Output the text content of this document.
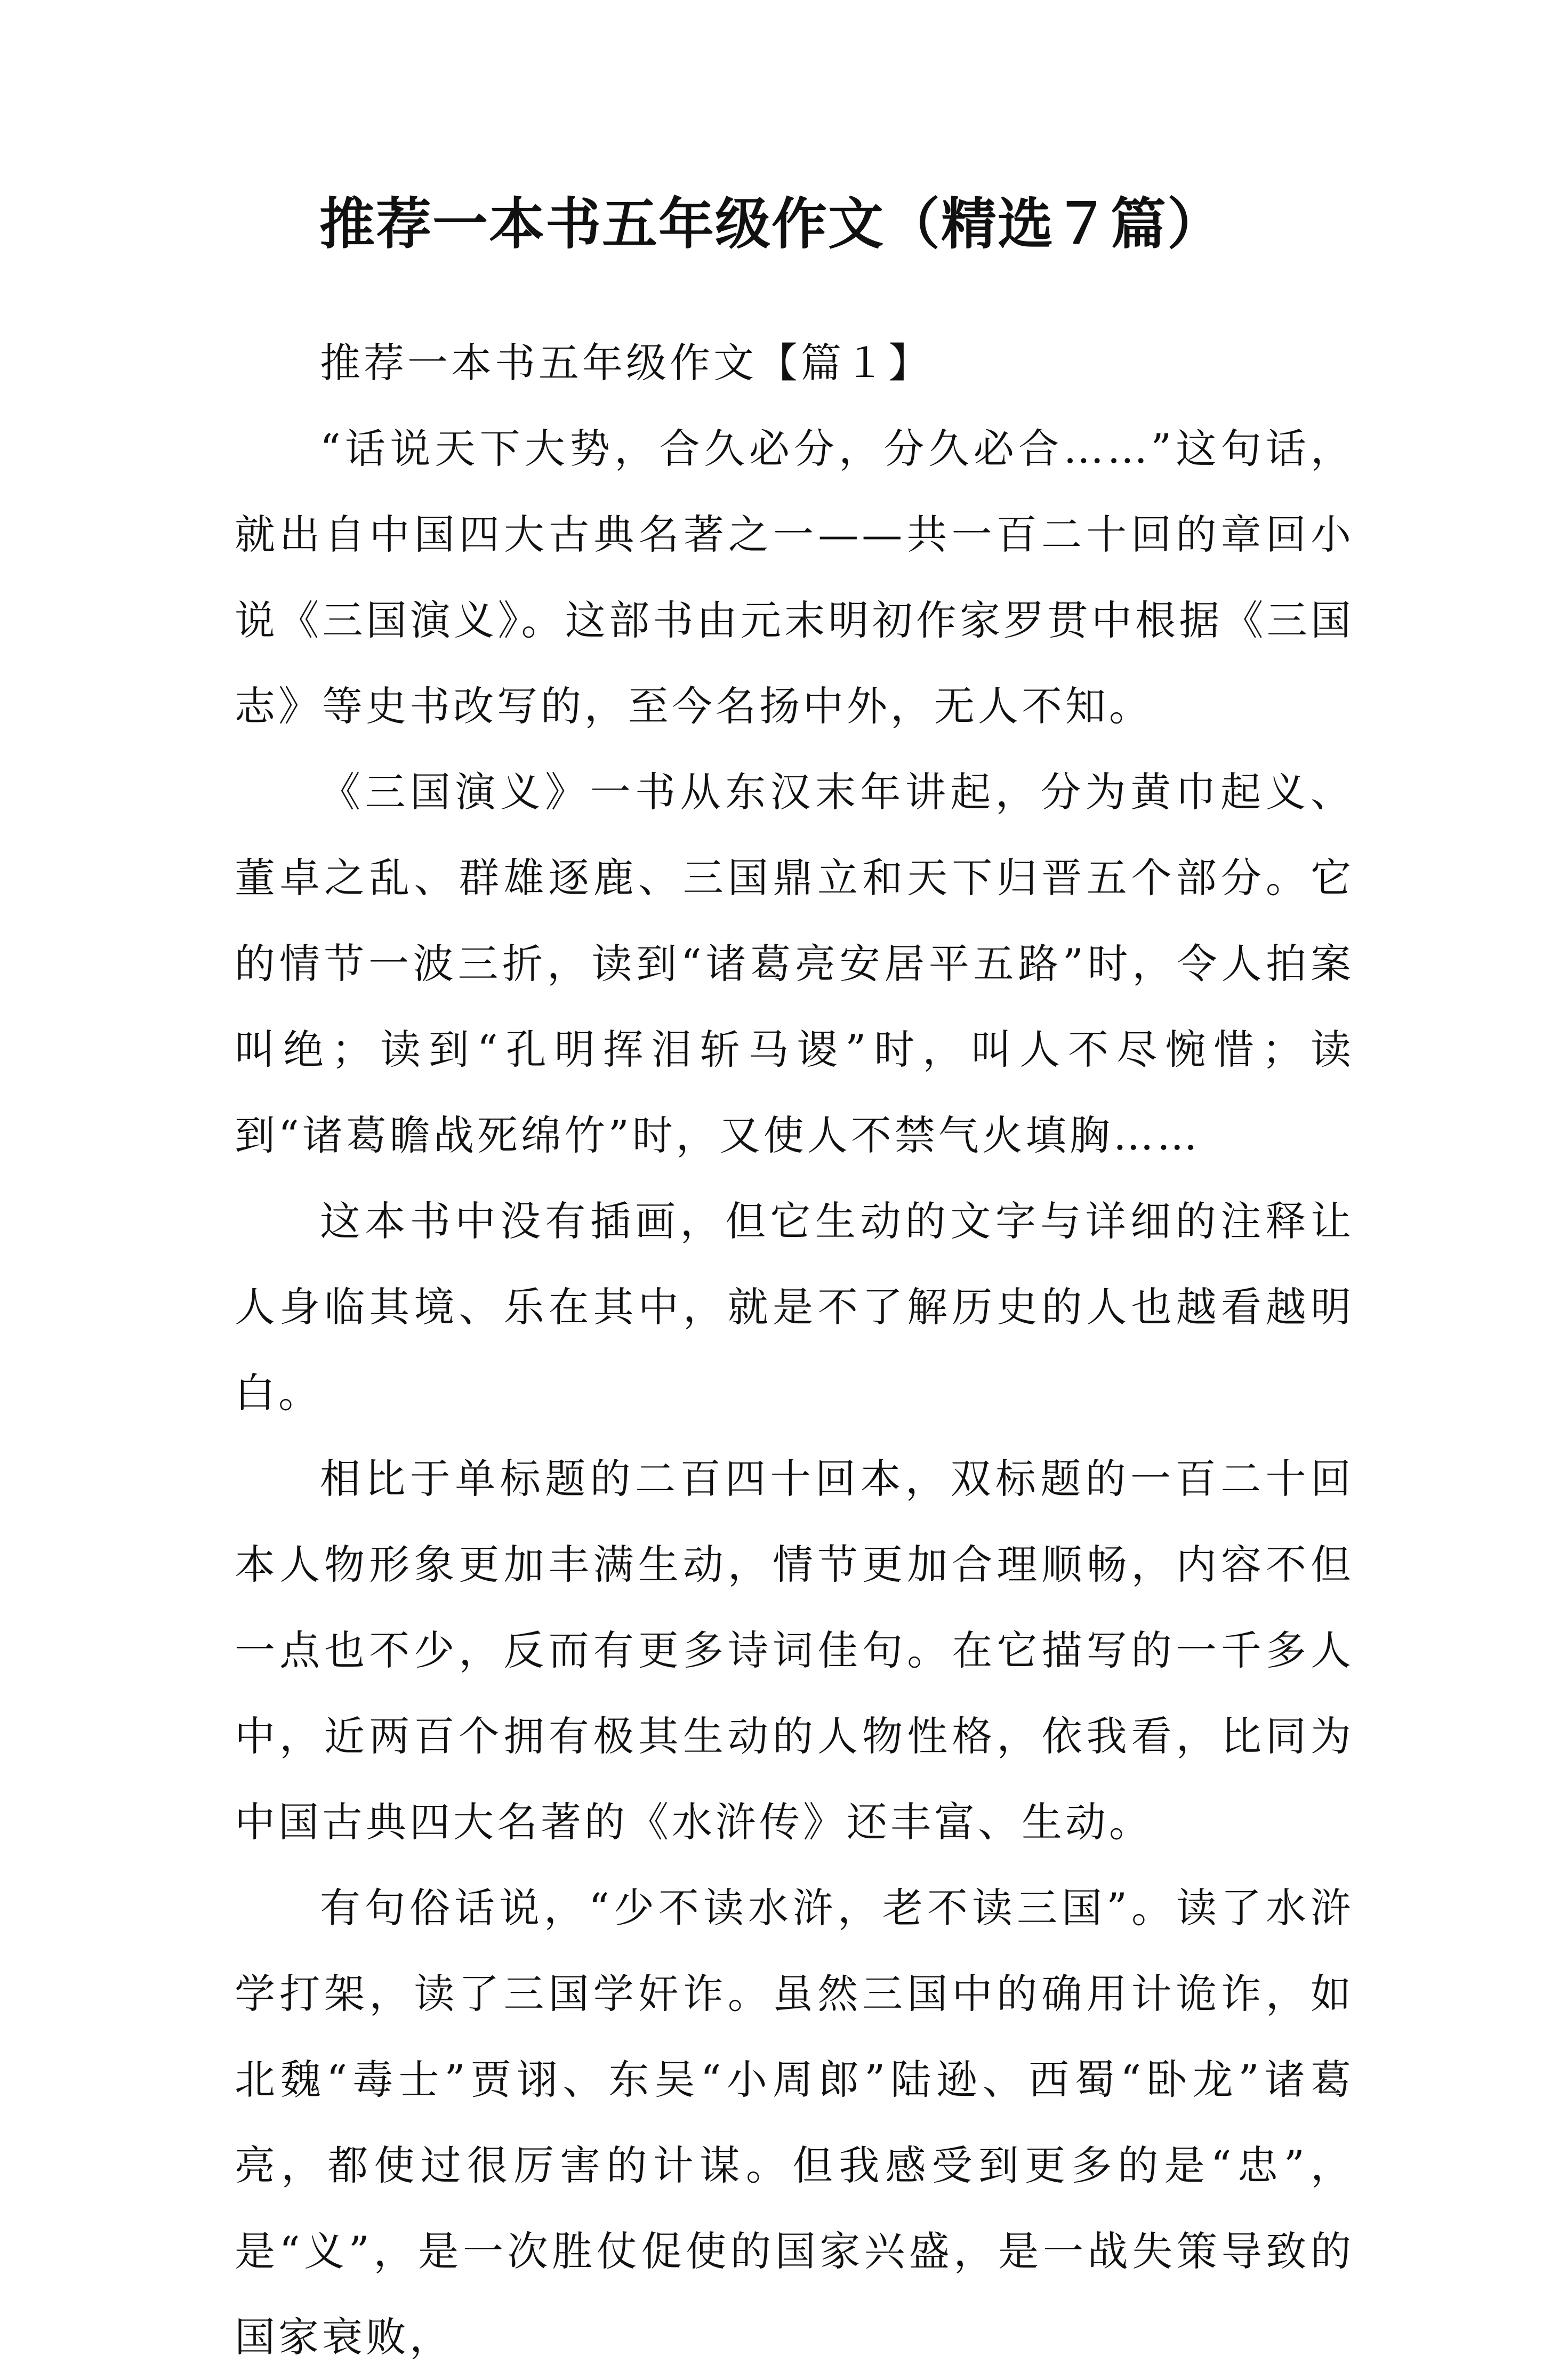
推荐一本书五年级作文（精选７篇）

推荐一本书五年级作文【篇１】

“话说天下大势，合久必分，分久必合……”这句话，就出自中国四大古典名著之一——共一百二十回的章回小说《三国演义》。这部书由元末明初作家罗贯中根据《三国志》等史书改写的，至今名扬中外，无人不知。

《三国演义》一书从东汉末年讲起，分为黄巾起义、董卓之乱、群雄逐鹿、三国鼎立和天下归晋五个部分。它的情节一波三折，读到“诸葛亮安居平五路”时，令人拍案叫绝；读到“孔明挥泪斩马谡”时，叫人不尽惋惜；读到“诸葛瞻战死绵竹”时，又使人不禁气火填胸……

这本书中没有插画，但它生动的文字与详细的注释让人身临其境、乐在其中，就是不了解历史的人也越看越明白。

相比于单标题的二百四十回本，双标题的一百二十回本人物形象更加丰满生动，情节更加合理顺畅，内容不但一点也不少，反而有更多诗词佳句。在它描写的一千多人中，近两百个拥有极其生动的人物性格，依我看，比同为中国古典四大名著的《水浒传》还丰富、生动。

有句俗话说，“少不读水浒，老不读三国”。读了水浒学打架，读了三国学奸诈。虽然三国中的确用计诡诈，如北魏“毒士”贾诩、东吴“小周郎”陆逊、西蜀“卧龙”诸葛亮，都使过很厉害的计谋。但我感受到更多的是“忠”，是“义”，是一次胜仗促使的国家兴盛，是一战失策导致的国家衰败，
